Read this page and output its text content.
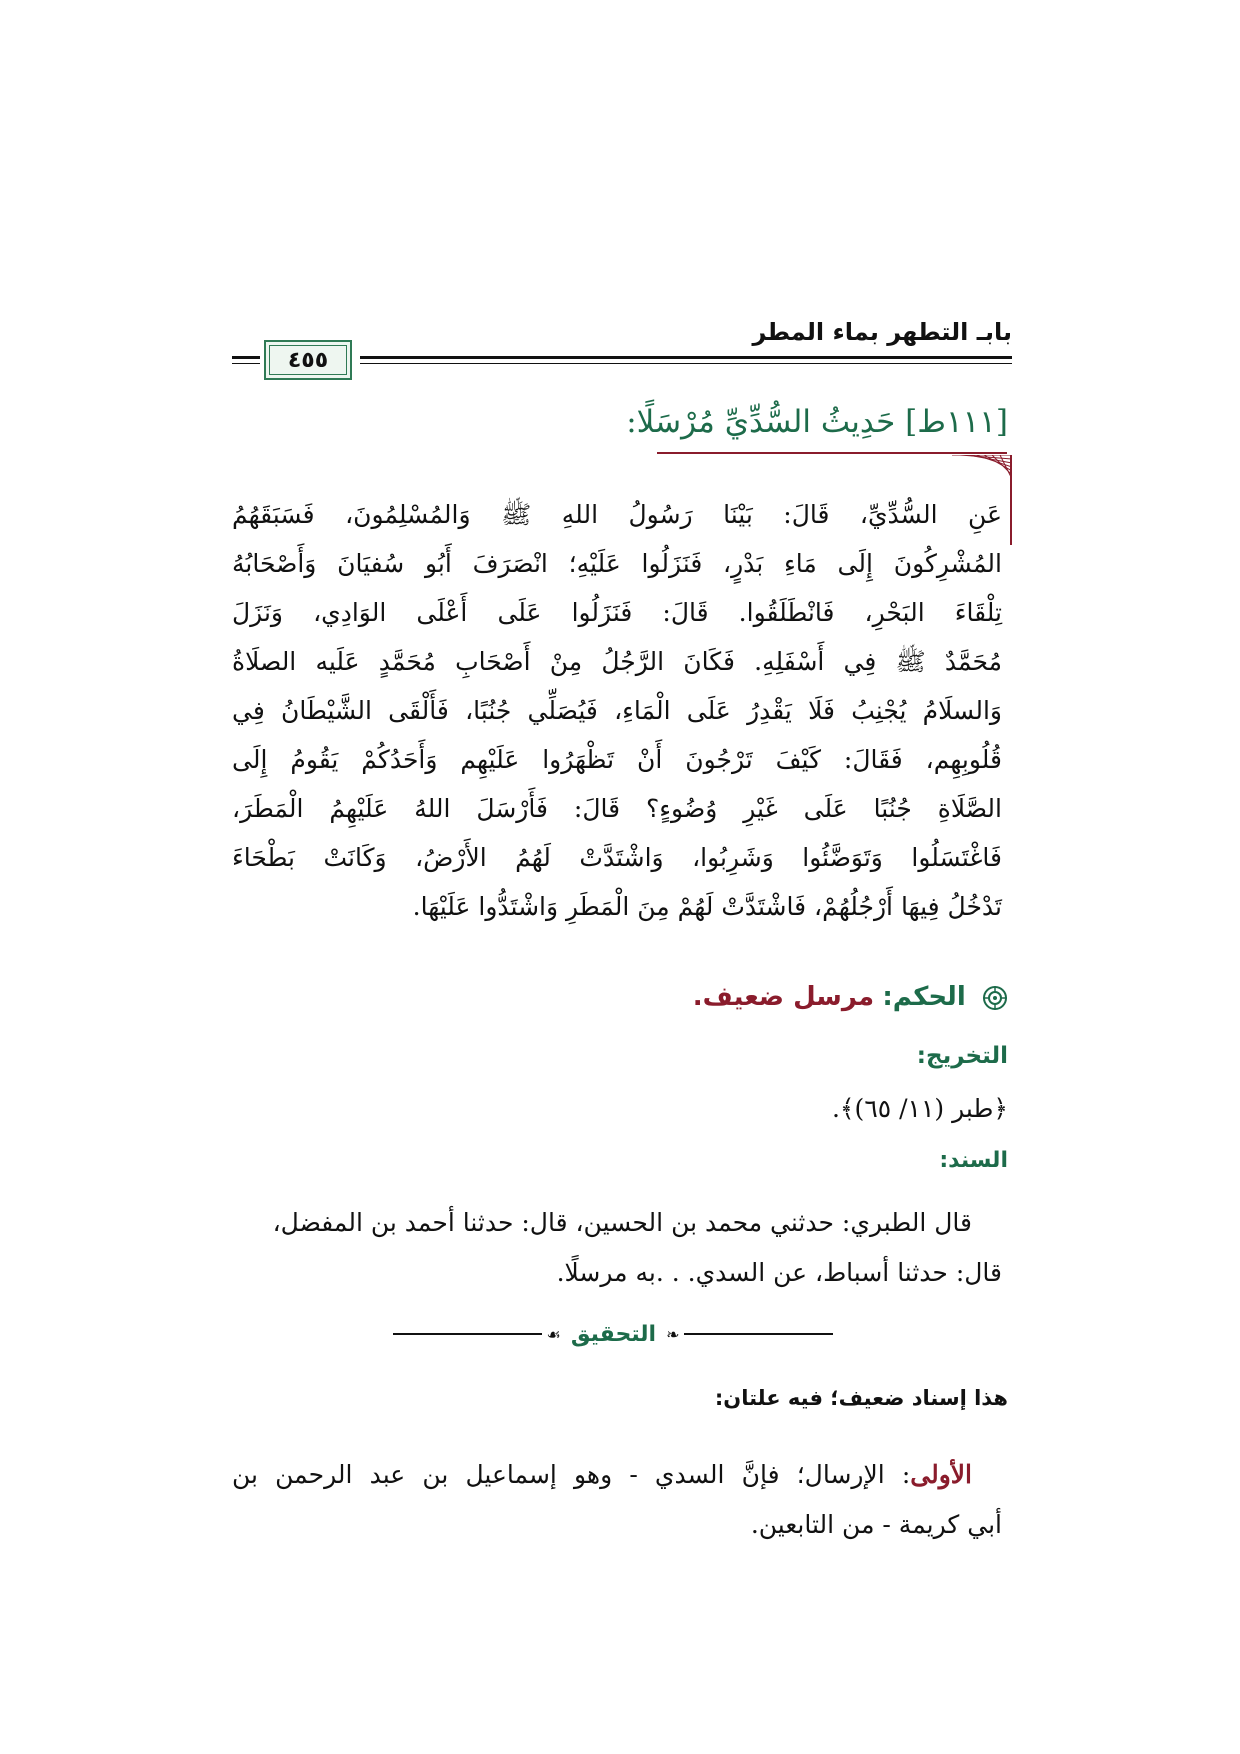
بابـ التطهر بماء المطر
٤٥٥
[١١١ط] حَدِيثُ السُّدِّيِّ مُرْسَلًا:
عَنِ السُّدِّيِّ، قَالَ: بَيْنَا رَسُولُ اللهِ ﷺ وَالمُسْلِمُونَ، فَسَبَقَهُمُ
المُشْرِكُونَ إِلَى مَاءِ بَدْرٍ، فَنَزَلُوا عَلَيْهِ؛ انْصَرَفَ أَبُو سُفيَانَ وَأَصْحَابُهُ
تِلْقَاءَ البَحْرِ، فَانْطَلَقُوا. قَالَ: فَنَزَلُوا عَلَى أَعْلَى الوَادِي، وَنَزَلَ
مُحَمَّدٌ ﷺ فِي أَسْفَلِهِ. فَكَانَ الرَّجُلُ مِنْ أَصْحَابِ مُحَمَّدٍ عَلَيه الصلَاةُ
وَالسلَامُ يُجْنِبُ فَلَا يَقْدِرُ عَلَى الْمَاءِ، فَيُصَلِّي جُنُبًا، فَأَلْقَى الشَّيْطَانُ فِي
قُلُوبِهِم، فَقَالَ: كَيْفَ تَرْجُونَ أَنْ تَظْهَرُوا عَلَيْهِم وَأَحَدُكُمْ يَقُومُ إِلَى
الصَّلَاةِ جُنُبًا عَلَى غَيْرِ وُضُوءٍ؟ قَالَ: فَأَرْسَلَ اللهُ عَلَيْهِمُ الْمَطَرَ،
فَاغْتَسَلُوا وَتَوَضَّئُوا وَشَرِبُوا، وَاشْتَدَّتْ لَهُمُ الأَرْضُ، وَكَانَتْ بَطْحَاءَ
تَدْخُلُ فِيهَا أَرْجُلُهُمْ، فَاشْتَدَّتْ لَهُمْ مِنَ الْمَطَرِ وَاشْتَدُّوا عَلَيْهَا.
الحكم: مرسل ضعيف.
التخريج:
﴿طبر (١١/ ٦٥)﴾.
السند:
قال الطبري: حدثني محمد بن الحسين، قال: حدثنا أحمد بن المفضل،
قال: حدثنا أسباط، عن السدي. . .به مرسلًا.
❧
التحقيق
☙
هذا إسناد ضعيف؛ فيه علتان:
الأولى: الإرسال؛ فإنَّ السدي - وهو إسماعيل بن عبد الرحمن بن
أبي كريمة - من التابعين.
